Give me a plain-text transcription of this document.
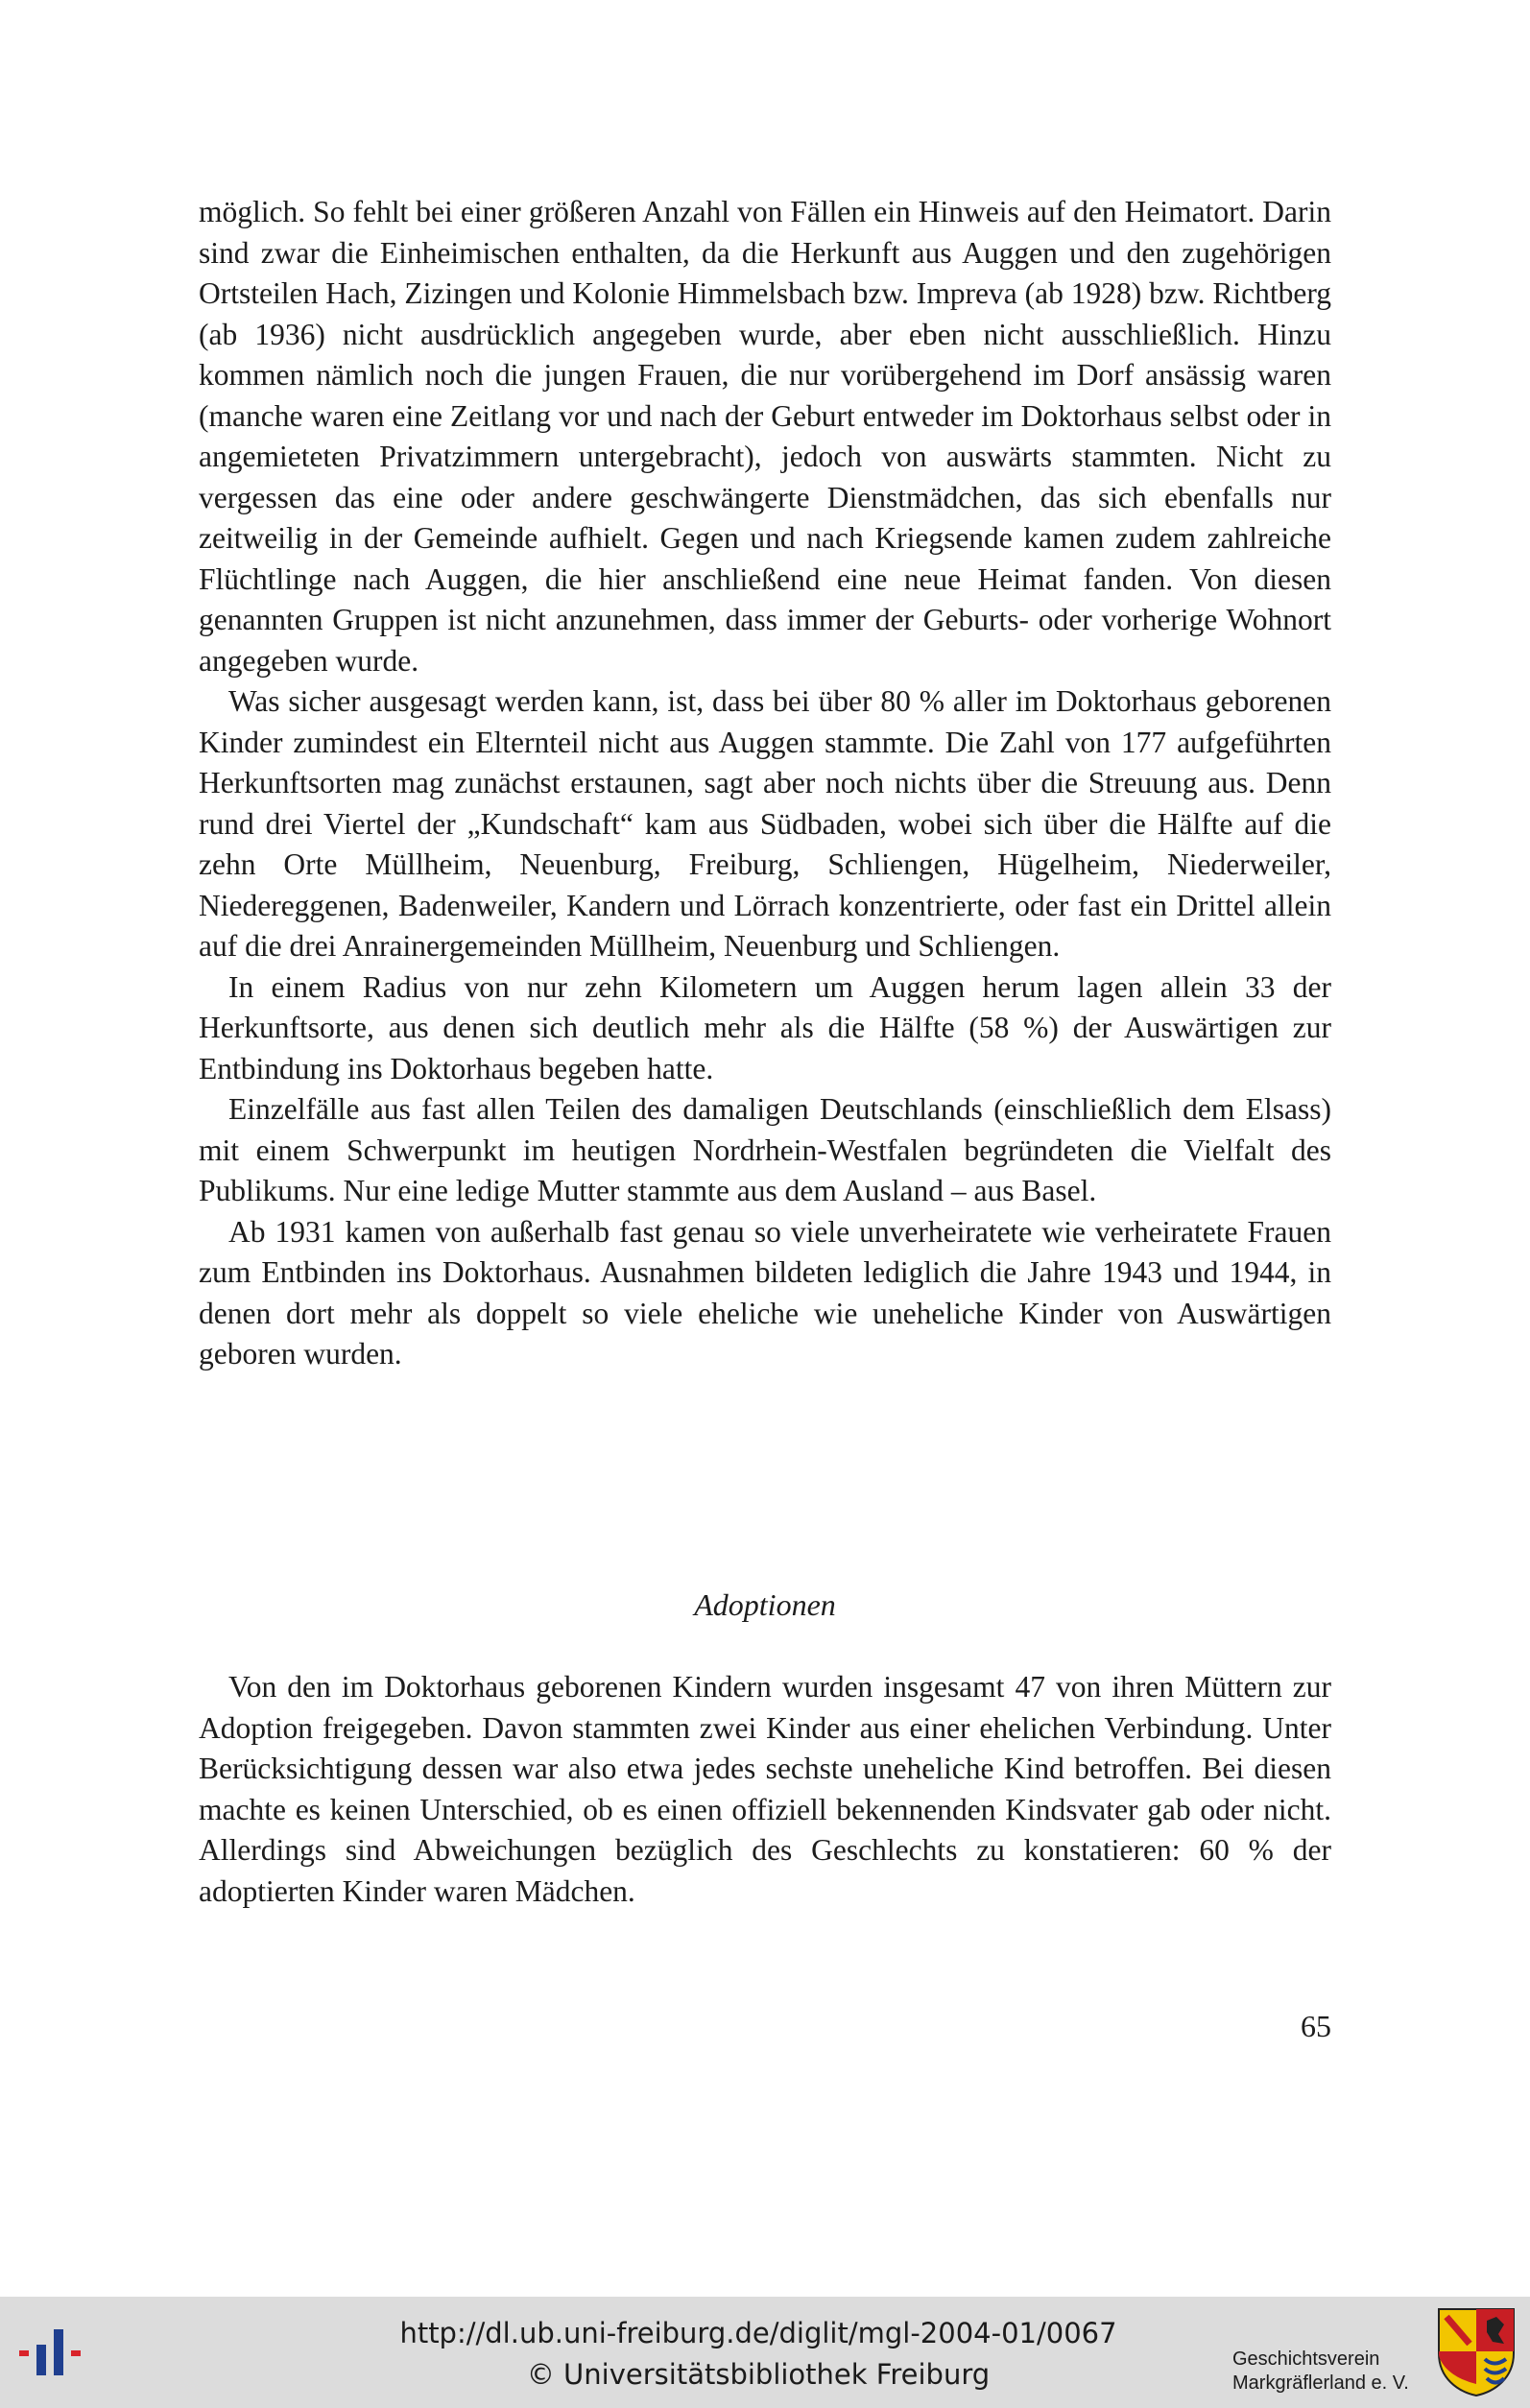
möglich. So fehlt bei einer größeren Anzahl von Fällen ein Hinweis auf den Heimatort. Darin sind zwar die Einheimischen enthalten, da die Herkunft aus Auggen und den zugehörigen Ortsteilen Hach, Zizingen und Kolonie Himmelsbach bzw. Impreva (ab 1928) bzw. Richtberg (ab 1936) nicht ausdrücklich angegeben wurde, aber eben nicht ausschließlich. Hinzu kommen nämlich noch die jungen Frauen, die nur vorübergehend im Dorf ansässig waren (manche waren eine Zeitlang vor und nach der Geburt entweder im Doktorhaus selbst oder in angemieteten Privatzimmern untergebracht), jedoch von auswärts stammten. Nicht zu vergessen das eine oder andere geschwängerte Dienstmädchen, das sich ebenfalls nur zeitweilig in der Gemeinde aufhielt. Gegen und nach Kriegsende kamen zudem zahlreiche Flüchtlinge nach Auggen, die hier anschließend eine neue Heimat fanden. Von diesen genannten Gruppen ist nicht anzunehmen, dass immer der Geburts- oder vorherige Wohnort angegeben wurde.

Was sicher ausgesagt werden kann, ist, dass bei über 80 % aller im Doktorhaus geborenen Kinder zumindest ein Elternteil nicht aus Auggen stammte. Die Zahl von 177 aufgeführten Herkunftsorten mag zunächst erstaunen, sagt aber noch nichts über die Streuung aus. Denn rund drei Viertel der „Kundschaft“ kam aus Südbaden, wobei sich über die Hälfte auf die zehn Orte Müllheim, Neuenburg, Freiburg, Schliengen, Hügelheim, Niederweiler, Niedereggenen, Badenweiler, Kandern und Lörrach konzentrierte, oder fast ein Drittel allein auf die drei Anrainergemeinden Müllheim, Neuenburg und Schliengen.

In einem Radius von nur zehn Kilometern um Auggen herum lagen allein 33 der Herkunftsorte, aus denen sich deutlich mehr als die Hälfte (58 %) der Auswärtigen zur Entbindung ins Doktorhaus begeben hatte.

Einzelfälle aus fast allen Teilen des damaligen Deutschlands (einschließlich dem Elsass) mit einem Schwerpunkt im heutigen Nordrhein-Westfalen begründeten die Vielfalt des Publikums. Nur eine ledige Mutter stammte aus dem Ausland – aus Basel.

Ab 1931 kamen von außerhalb fast genau so viele unverheiratete wie verheiratete Frauen zum Entbinden ins Doktorhaus. Ausnahmen bildeten lediglich die Jahre 1943 und 1944, in denen dort mehr als doppelt so viele eheliche wie uneheliche Kinder von Auswärtigen geboren wurden.

Adoptionen

Von den im Doktorhaus geborenen Kindern wurden insgesamt 47 von ihren Müttern zur Adoption freigegeben. Davon stammten zwei Kinder aus einer ehelichen Verbindung. Unter Berücksichtigung dessen war also etwa jedes sechste uneheliche Kind betroffen. Bei diesen machte es keinen Unterschied, ob es einen offiziell bekennenden Kindsvater gab oder nicht. Allerdings sind Abweichungen bezüglich des Geschlechts zu konstatieren: 60 % der adoptierten Kinder waren Mädchen.

65
http://dl.ub.uni-freiburg.de/diglit/mgl-2004-01/0067
© Universitätsbibliothek Freiburg	Geschichtsverein
Markgräflerland e. V.
